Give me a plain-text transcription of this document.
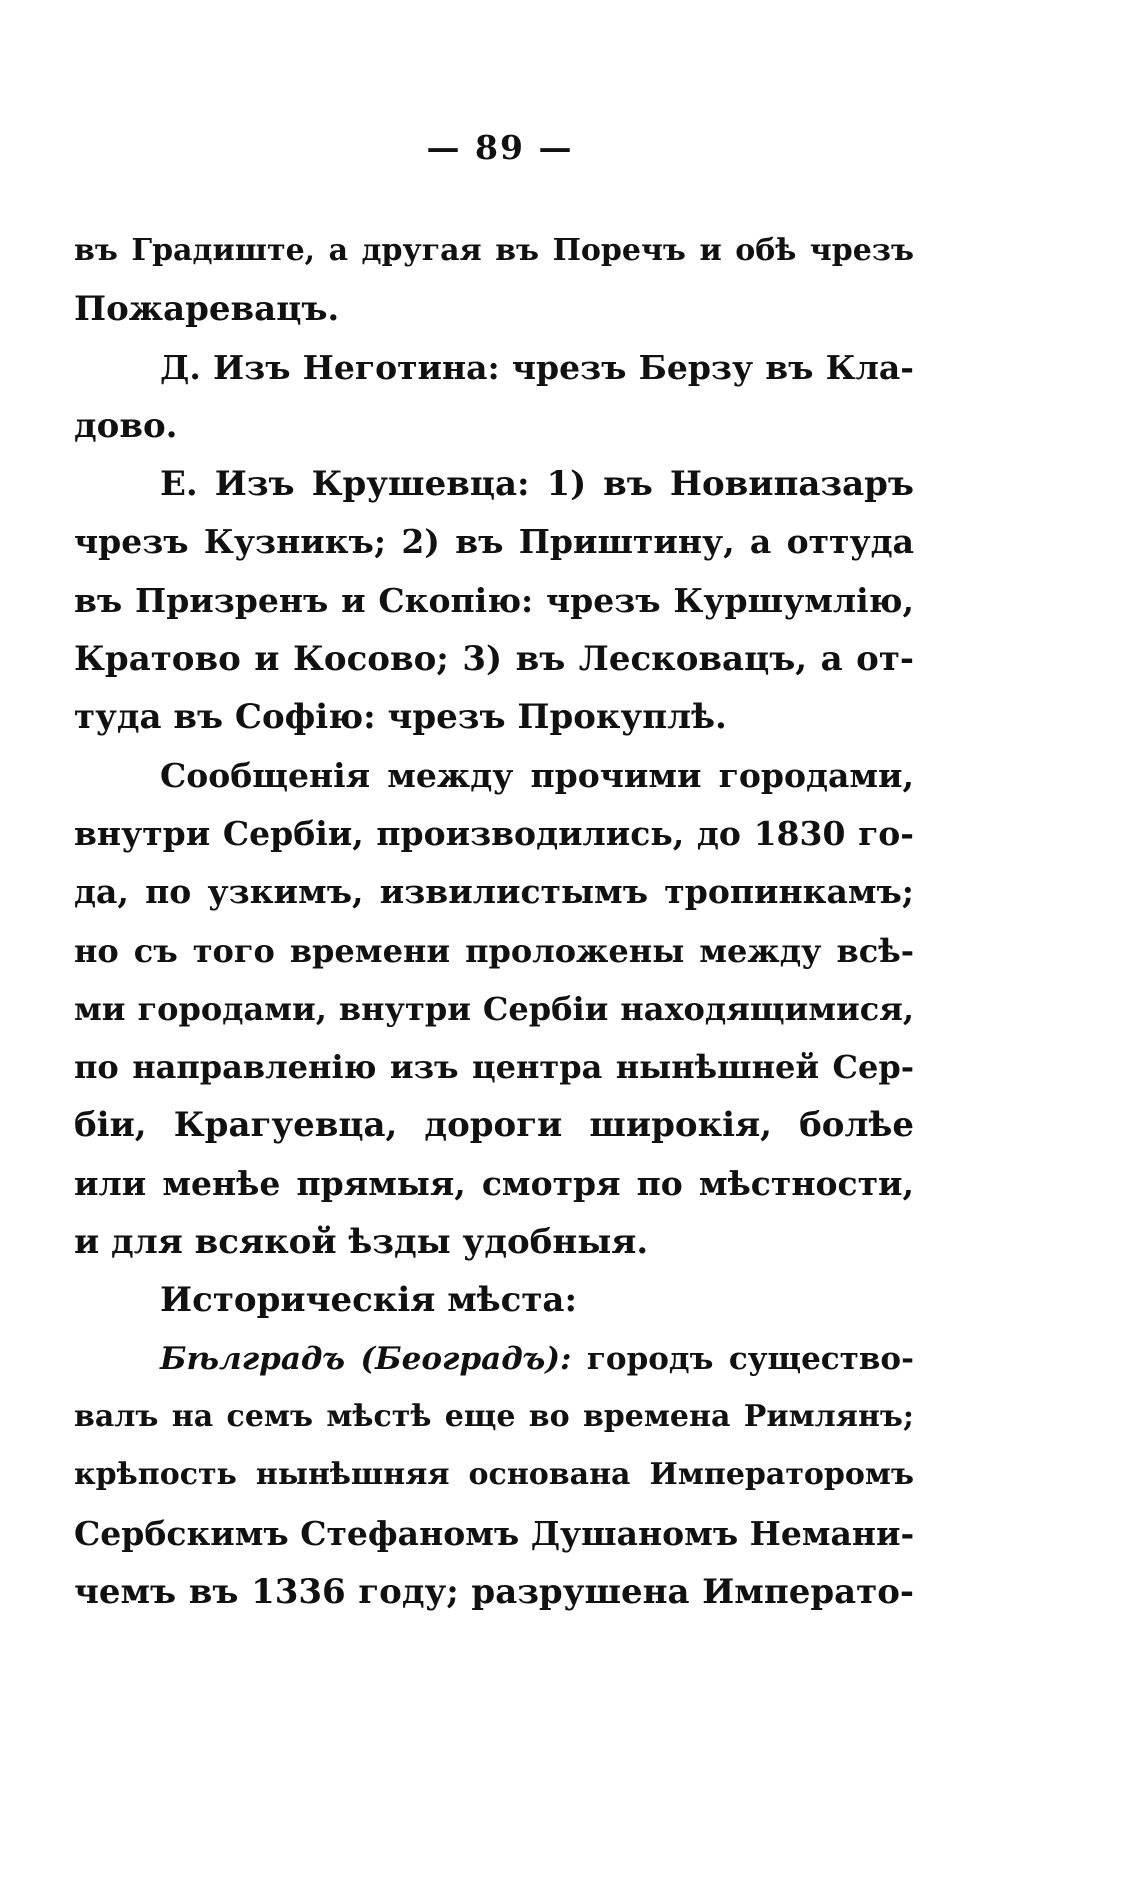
— 89 —
въ Градиште, а другая въ Поречъ и обѣ чрезъ
Пожаревацъ.
Д. Изъ Неготина: чрезъ Берзу въ Кла-
дово.
Е. Изъ Крушевца: 1) въ Новипазаръ
чрезъ Кузникъ; 2) въ Приштину, а оттуда
въ Призренъ и Скопію: чрезъ Куршумлію,
Кратово и Косово; 3) въ Лесковацъ, а от-
туда въ Софію: чрезъ Прокуплѣ.
Сообщенія между прочими городами,
внутри Сербіи, производились, до 1830 го-
да, по узкимъ, извилистымъ тропинкамъ;
но съ того времени проложены между всѣ-
ми городами, внутри Сербіи находящимися,
по направленію изъ центра нынѣшней Сер-
біи, Крагуевца, дороги широкія, болѣе
или менѣе прямыя, смотря по мѣстности,
и для всякой ѣзды удобныя.
Историческія мѣста:
Бѣлградъ (Београдъ): городъ существо-
валъ на семъ мѣстѣ еще во времена Римлянъ;
крѣпость нынѣшняя основана Императоромъ
Сербскимъ Стефаномъ Душаномъ Немани-
чемъ въ 1336 году; разрушена Императо-
